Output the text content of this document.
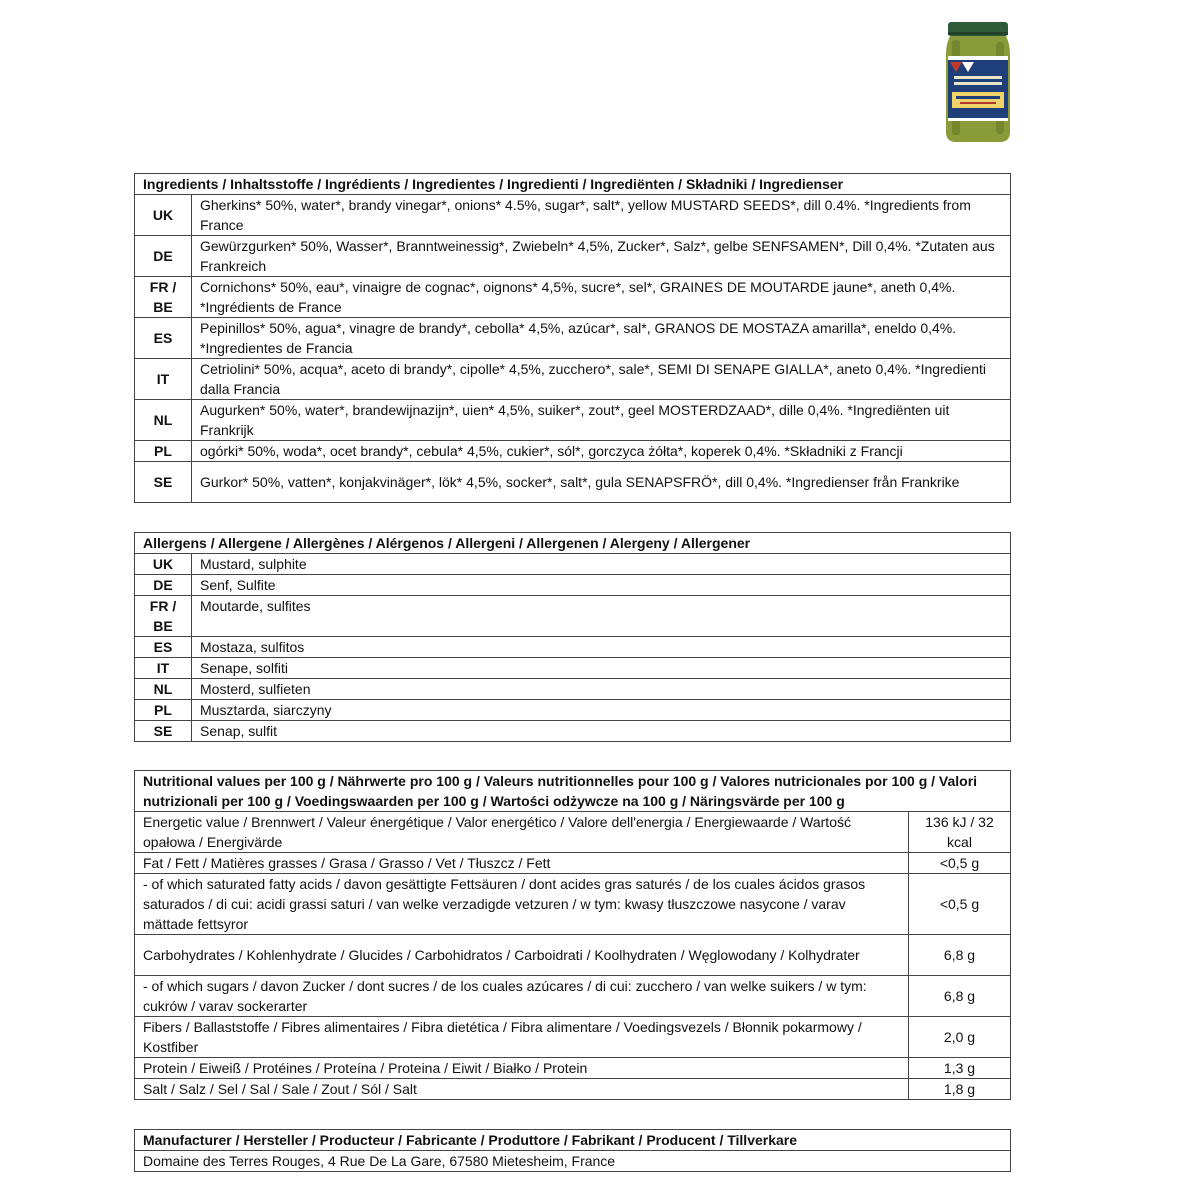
Ingredients / Inhaltsstoffe / Ingrédients / Ingredientes / Ingredienti / Ingrediënten / Składniki / Ingredienser	
UK	Gherkins* 50%, water*, brandy vinegar*, onions* 4.5%, sugar*, salt*, yellow MUSTARD SEEDS*, dill 0.4%. *Ingredients from France
DE	Gewürzgurken* 50%, Wasser*, Branntweinessig*, Zwiebeln* 4,5%, Zucker*, Salz*, gelbe SENFSAMEN*, Dill 0,4%. *Zutaten aus Frankreich
FR / BE	Cornichons* 50%, eau*, vinaigre de cognac*, oignons* 4,5%, sucre*, sel*, GRAINES DE MOUTARDE jaune*, aneth 0,4%. *Ingrédients de France
ES	Pepinillos* 50%, agua*, vinagre de brandy*, cebolla* 4,5%, azúcar*, sal*, GRANOS DE MOSTAZA amarilla*, eneldo 0,4%. *Ingredientes de Francia
IT	Cetriolini* 50%, acqua*, aceto di brandy*, cipolle* 4,5%, zucchero*, sale*, SEMI DI SENAPE GIALLA*, aneto 0,4%. *Ingredienti dalla Francia
NL	Augurken* 50%, water*, brandewijnazijn*, uien* 4,5%, suiker*, zout*, geel MOSTERDZAAD*, dille 0,4%. *Ingrediënten uit Frankrijk
PL	ogórki* 50%, woda*, ocet brandy*, cebula* 4,5%, cukier*, sól*, gorczyca żółta*, koperek 0,4%. *Składniki z Francji
SE	Gurkor* 50%, vatten*, konjakvinäger*, lök* 4,5%, socker*, salt*, gula SENAPSFRÖ*, dill 0,4%. *Ingredienser från Frankrike
Allergens / Allergene / Allergènes / Alérgenos / Allergeni / Allergenen / Alergeny / Allergener	
UK	Mustard, sulphite
DE	Senf, Sulfite
FR / BE	Moutarde, sulfites
ES	Mostaza, sulfitos
IT	Senape, solfiti
NL	Mosterd, sulfieten
PL	Musztarda, siarczyny
SE	Senap, sulfit
Nutritional values per 100 g / Nährwerte pro 100 g / Valeurs nutritionnelles pour 100 g / Valores nutricionales por 100 g / Valori nutrizionali per 100 g / Voedingswaarden per 100 g / Wartości odżywcze na 100 g / Näringsvärde per 100 g	
Energetic value / Brennwert / Valeur énergétique / Valor energético / Valore dell'energia / Energiewaarde / Wartość opałowa / Energivärde	136 kJ / 32 kcal
Fat / Fett / Matières grasses / Grasa / Grasso / Vet / Tłuszcz / Fett	<0,5 g
- of which saturated fatty acids / davon gesättigte Fettsäuren / dont acides gras saturés / de los cuales ácidos grasos saturados / di cui: acidi grassi saturi / van welke verzadigde vetzuren / w tym: kwasy tłuszczowe nasycone / varav mättade fettsyror	<0,5 g
Carbohydrates / Kohlenhydrate / Glucides / Carbohidratos / Carboidrati / Koolhydraten / Węglowodany / Kolhydrater	6,8 g
- of which sugars / davon Zucker / dont sucres / de los cuales azúcares / di cui: zucchero / van welke suikers / w tym: cukrów / varav sockerarter	6,8 g
Fibers / Ballaststoffe / Fibres alimentaires / Fibra dietética / Fibra alimentare / Voedingsvezels / Błonnik pokarmowy / Kostfiber	2,0 g
Protein / Eiweiß / Protéines / Proteína / Proteina / Eiwit / Białko / Protein	1,3 g
Salt / Salz / Sel / Sal / Sale / Zout / Sól / Salt	1,8 g
Manufacturer / Hersteller / Producteur / Fabricante / Produttore / Fabrikant / Producent / Tillverkare
Domaine des Terres Rouges, 4 Rue De La Gare, 67580 Mietesheim, France
